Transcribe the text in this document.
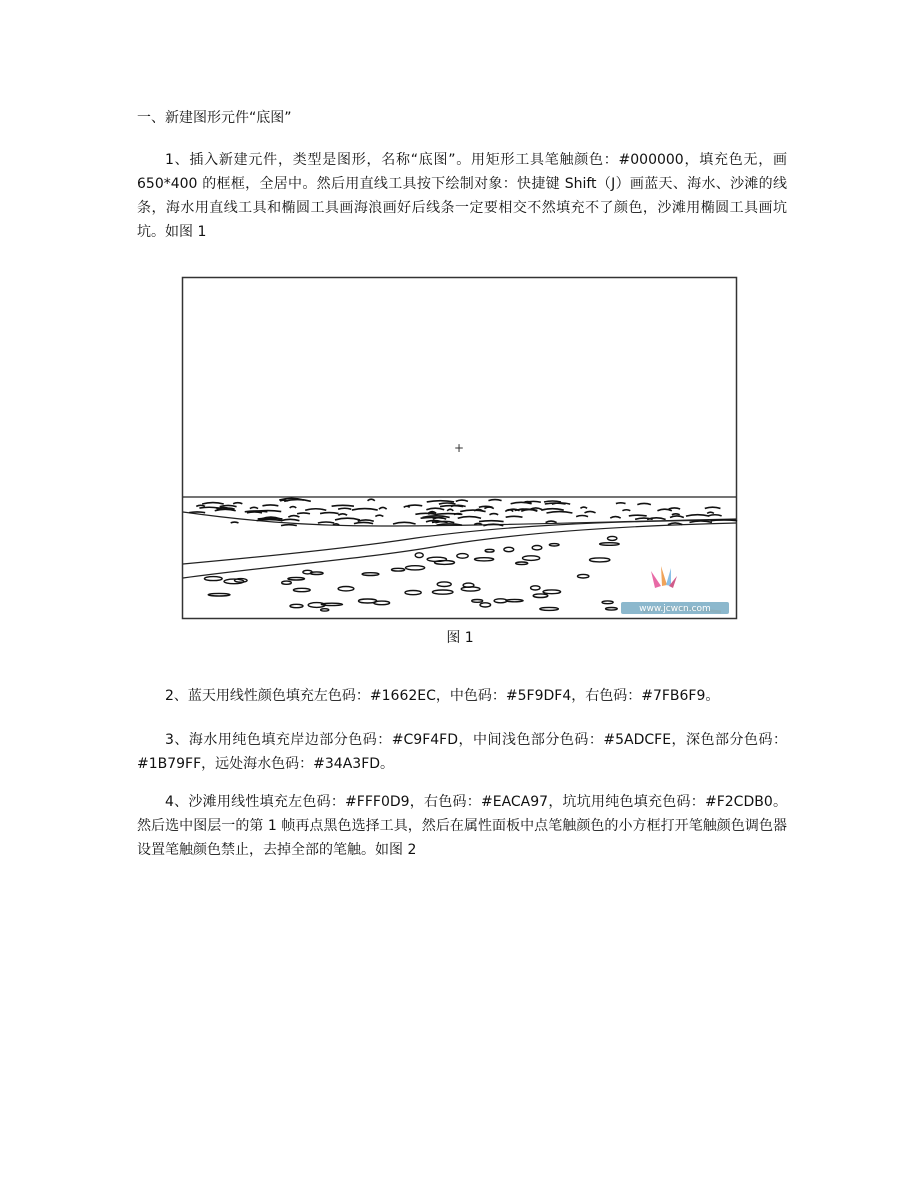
一、新建图形元件“底图”

1、插入新建元件，类型是图形，名称“底图”。用矩形工具笔触颜色：#000000，填充色无，画 650*400 的框框，全居中。然后用直线工具按下绘制对象：快捷键 Shift（J）画蓝天、海水、沙滩的线条，海水用直线工具和椭圆工具画海浪画好后线条一定要相交不然填充不了颜色，沙滩用椭圆工具画坑坑。如图 1

+
www.jcwcn.com
图 1

2、蓝天用线性颜色填充左色码：#1662EC，中色码：#5F9DF4，右色码：#7FB6F9。

3、海水用纯色填充岸边部分色码：#C9F4FD，中间浅色部分色码：#5ADCFE，深色部分色码：#1B79FF，远处海水色码：#34A3FD。

4、沙滩用线性填充左色码：#FFF0D9，右色码：#EACA97，坑坑用纯色填充色码：#F2CDB0。然后选中图层一的第 1 帧再点黑色选择工具，然后在属性面板中点笔触颜色的小方框打开笔触颜色调色器设置笔触颜色禁止，去掉全部的笔触。如图 2
